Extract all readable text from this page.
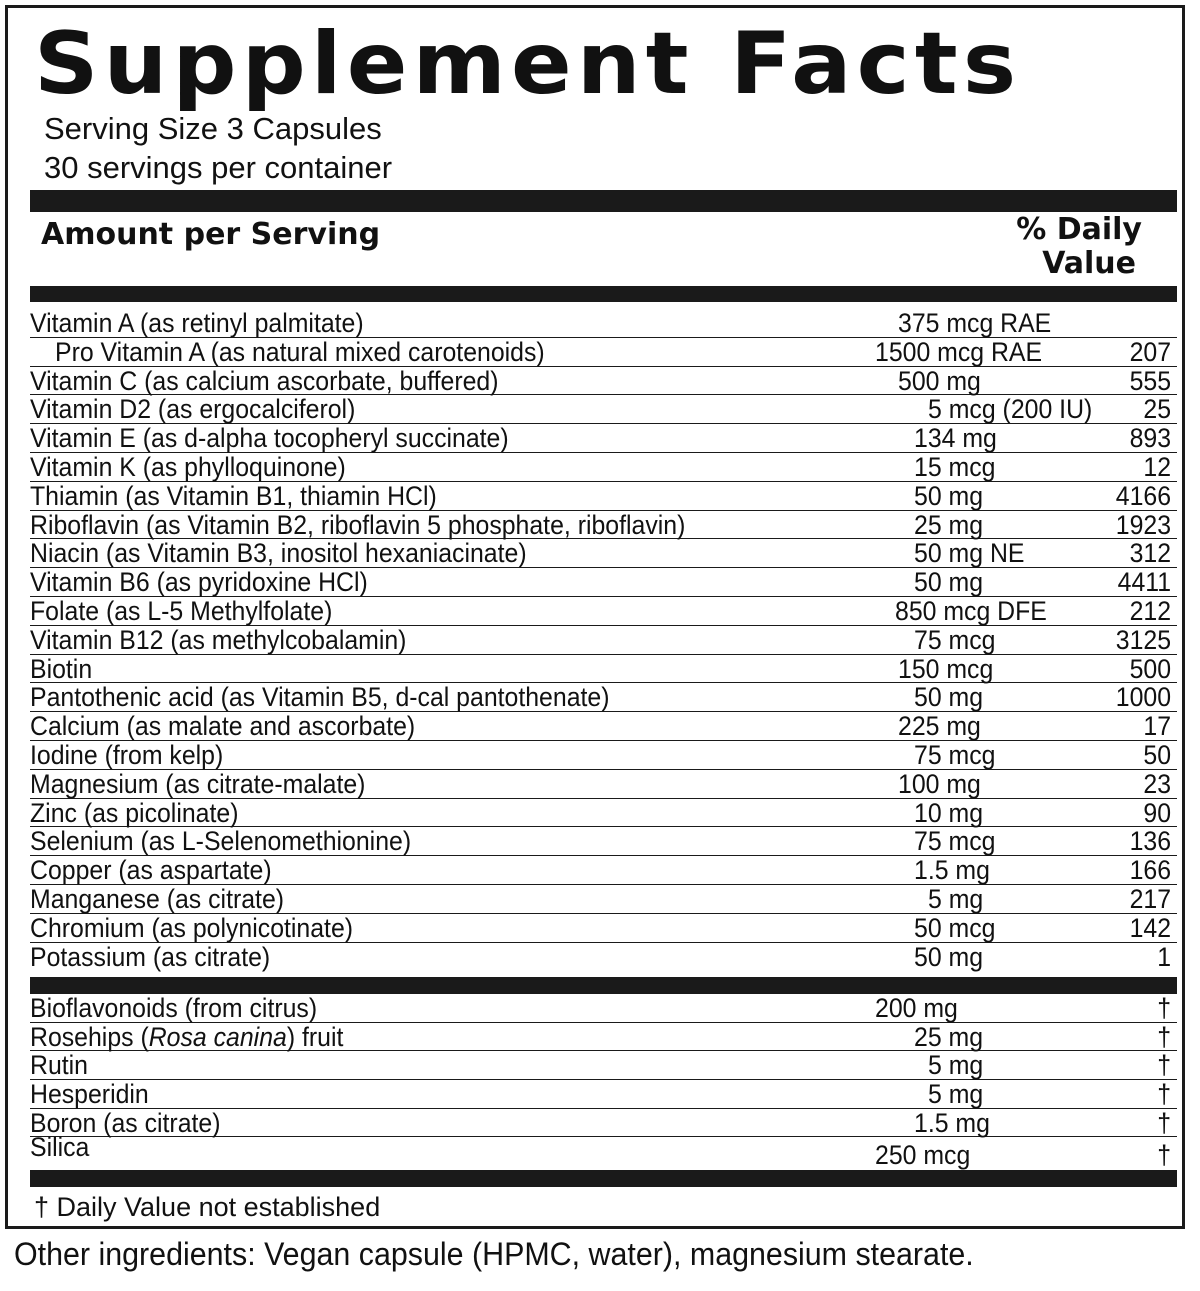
Supplement Facts
Serving Size 3 Capsules
30 servings per container
Amount per Serving	% Daily
Value
Vitamin A (as retinyl palmitate)	375 mcg RAE
Pro Vitamin A (as natural mixed carotenoids)	1500 mcg RAE	207
Vitamin C (as calcium ascorbate, buffered)	500 mg	555
Vitamin D2 (as ergocalciferol)	5 mcg (200 IU) 25
Vitamin E (as d-alpha tocopheryl succinate)	134 mg	893
Vitamin K (as phylloquinone)	15 mcg	12
Thiamin (as Vitamin B1, thiamin HCl)	50 mg	4166
Riboflavin (as Vitamin B2, riboflavin 5 phosphate, riboflavin)	25 mg	1923
Niacin (as Vitamin B3, inositol hexaniacinate)	50 mg NE	312
Vitamin B6 (as pyridoxine HCl)	50 mg	4411
Folate (as L-5 Methylfolate)	850 mcg DFE	212
Vitamin B12 (as methylcobalamin)	75 mcg	3125
Biotin	150 mcg	500
Pantothenic acid (as Vitamin B5, d-cal pantothenate)	50 mg	1000
Calcium (as malate and ascorbate)	225 mg	17
Iodine (from kelp)	75 mcg	50
Magnesium (as citrate-malate)	100 mg	23
Zinc (as picolinate)	10 mg	90
Selenium (as L-Selenomethionine)	75 mcg	136
Copper (as aspartate)	1.5 mg	166
Manganese (as citrate)	5 mg	217
Chromium (as polynicotinate)	50 mcg	142
Potassium (as citrate)	50 mg	1
Bioflavonoids (from citrus)	200 mg	†
Rosehips (Rosa canina) fruit	25 mg	†
Rutin	5 mg	†
Hesperidin	5 mg	†
Boron (as citrate)	1.5 mg	†
Silica	250 mcg	†
† Daily Value not established
Other ingredients: Vegan capsule (HPMC, water), magnesium stearate.
